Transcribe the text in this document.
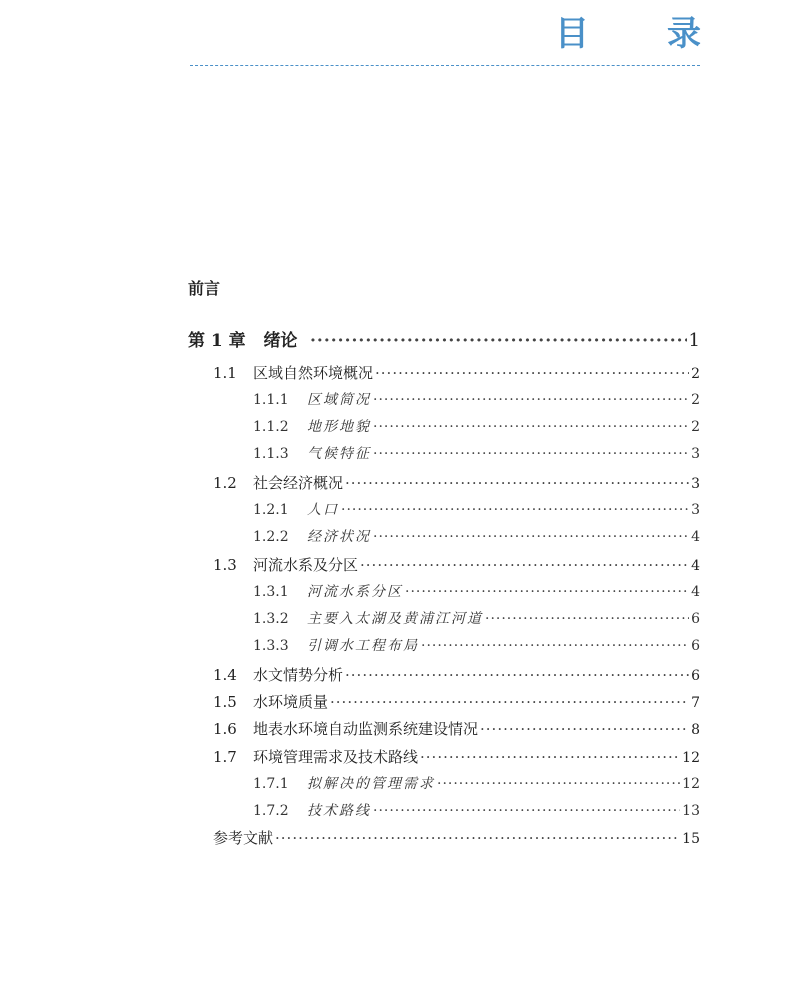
目 录
前言
第 1 章 绪论 ·····	1
1.1	区域自然环境概况 ·····	2
1.1.1	区域简况 ·····	2
1.1.2	地形地貌 ·····	2
1.1.3	气候特征 ·····	3
1.2	社会经济概况 ·····	3
1.2.1	人口 ·····	3
1.2.2	经济状况 ·····	4
1.3	河流水系及分区 ·····	4
1.3.1	河流水系分区 ·····	4
1.3.2	主要入太湖及黄浦江河道 ·····	6
1.3.3	引调水工程布局 ·····	6
1.4	水文情势分析 ·····	6
1.5	水环境质量 ·····	7
1.6	地表水环境自动监测系统建设情况 ·····	8
1.7	环境管理需求及技术路线 ·····	12
1.7.1	拟解决的管理需求 ·····	12
1.7.2	技术路线 ·····	13
参考文献 ·····	15
